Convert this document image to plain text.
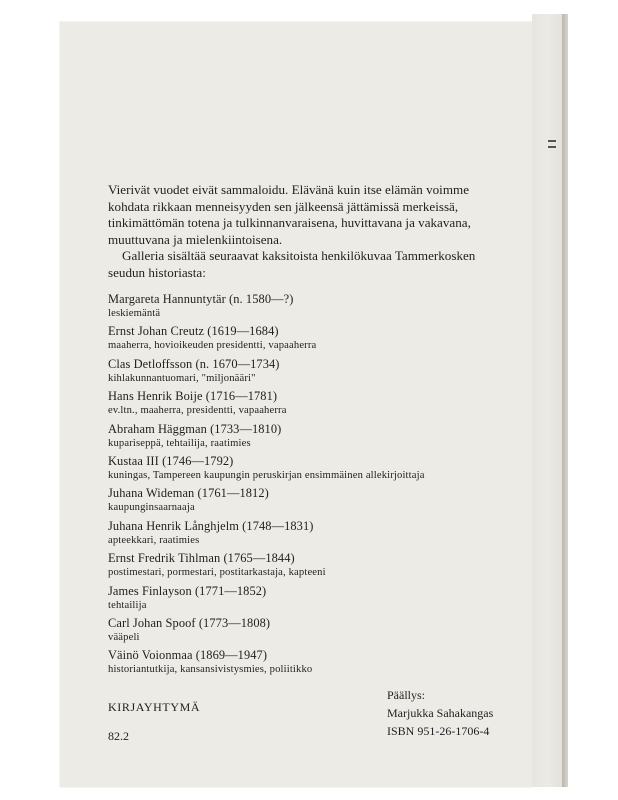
Vierivät vuodet eivät sammaloidu. Elävänä kuin itse elämän voimme kohdata rikkaan menneisyyden sen jälkeensä jättämissä merkeissä, tinkimättömän totena ja tulkinnanvaraisena, huvittavana ja vakavana, muuttuvana ja mielenkiintoisena.

Galleria sisältää seuraavat kaksitoista henkilökuvaa Tammerkosken seudun historiasta:

Margareta Hannuntytär (n. 1580—?)
leskiemäntä
Ernst Johan Creutz (1619—1684)
maaherra, hovioikeuden presidentti, vapaaherra
Clas Detloffsson (n. 1670—1734)
kihlakunnantuomari, "miljonääri"
Hans Henrik Boije (1716—1781)
ev.ltn., maaherra, presidentti, vapaaherra
Abraham Häggman (1733—1810)
kupariseppä, tehtailija, raatimies
Kustaa III (1746—1792)
kuningas, Tampereen kaupungin peruskirjan ensimmäinen allekirjoittaja
Juhana Wideman (1761—1812)
kaupunginsaarnaaja
Juhana Henrik Långhjelm (1748—1831)
apteekkari, raatimies
Ernst Fredrik Tihlman (1765—1844)
postimestari, pormestari, postitarkastaja, kapteeni
James Finlayson (1771—1852)
tehtailija
Carl Johan Spoof (1773—1808)
vääpeli
Väinö Voionmaa (1869—1947)
historiantutkija, kansansivistysmies, poliitikko
KIRJAYHTYMÄ
82.2
Päällys:
Marjukka Sahakangas
ISBN 951-26-1706-4
